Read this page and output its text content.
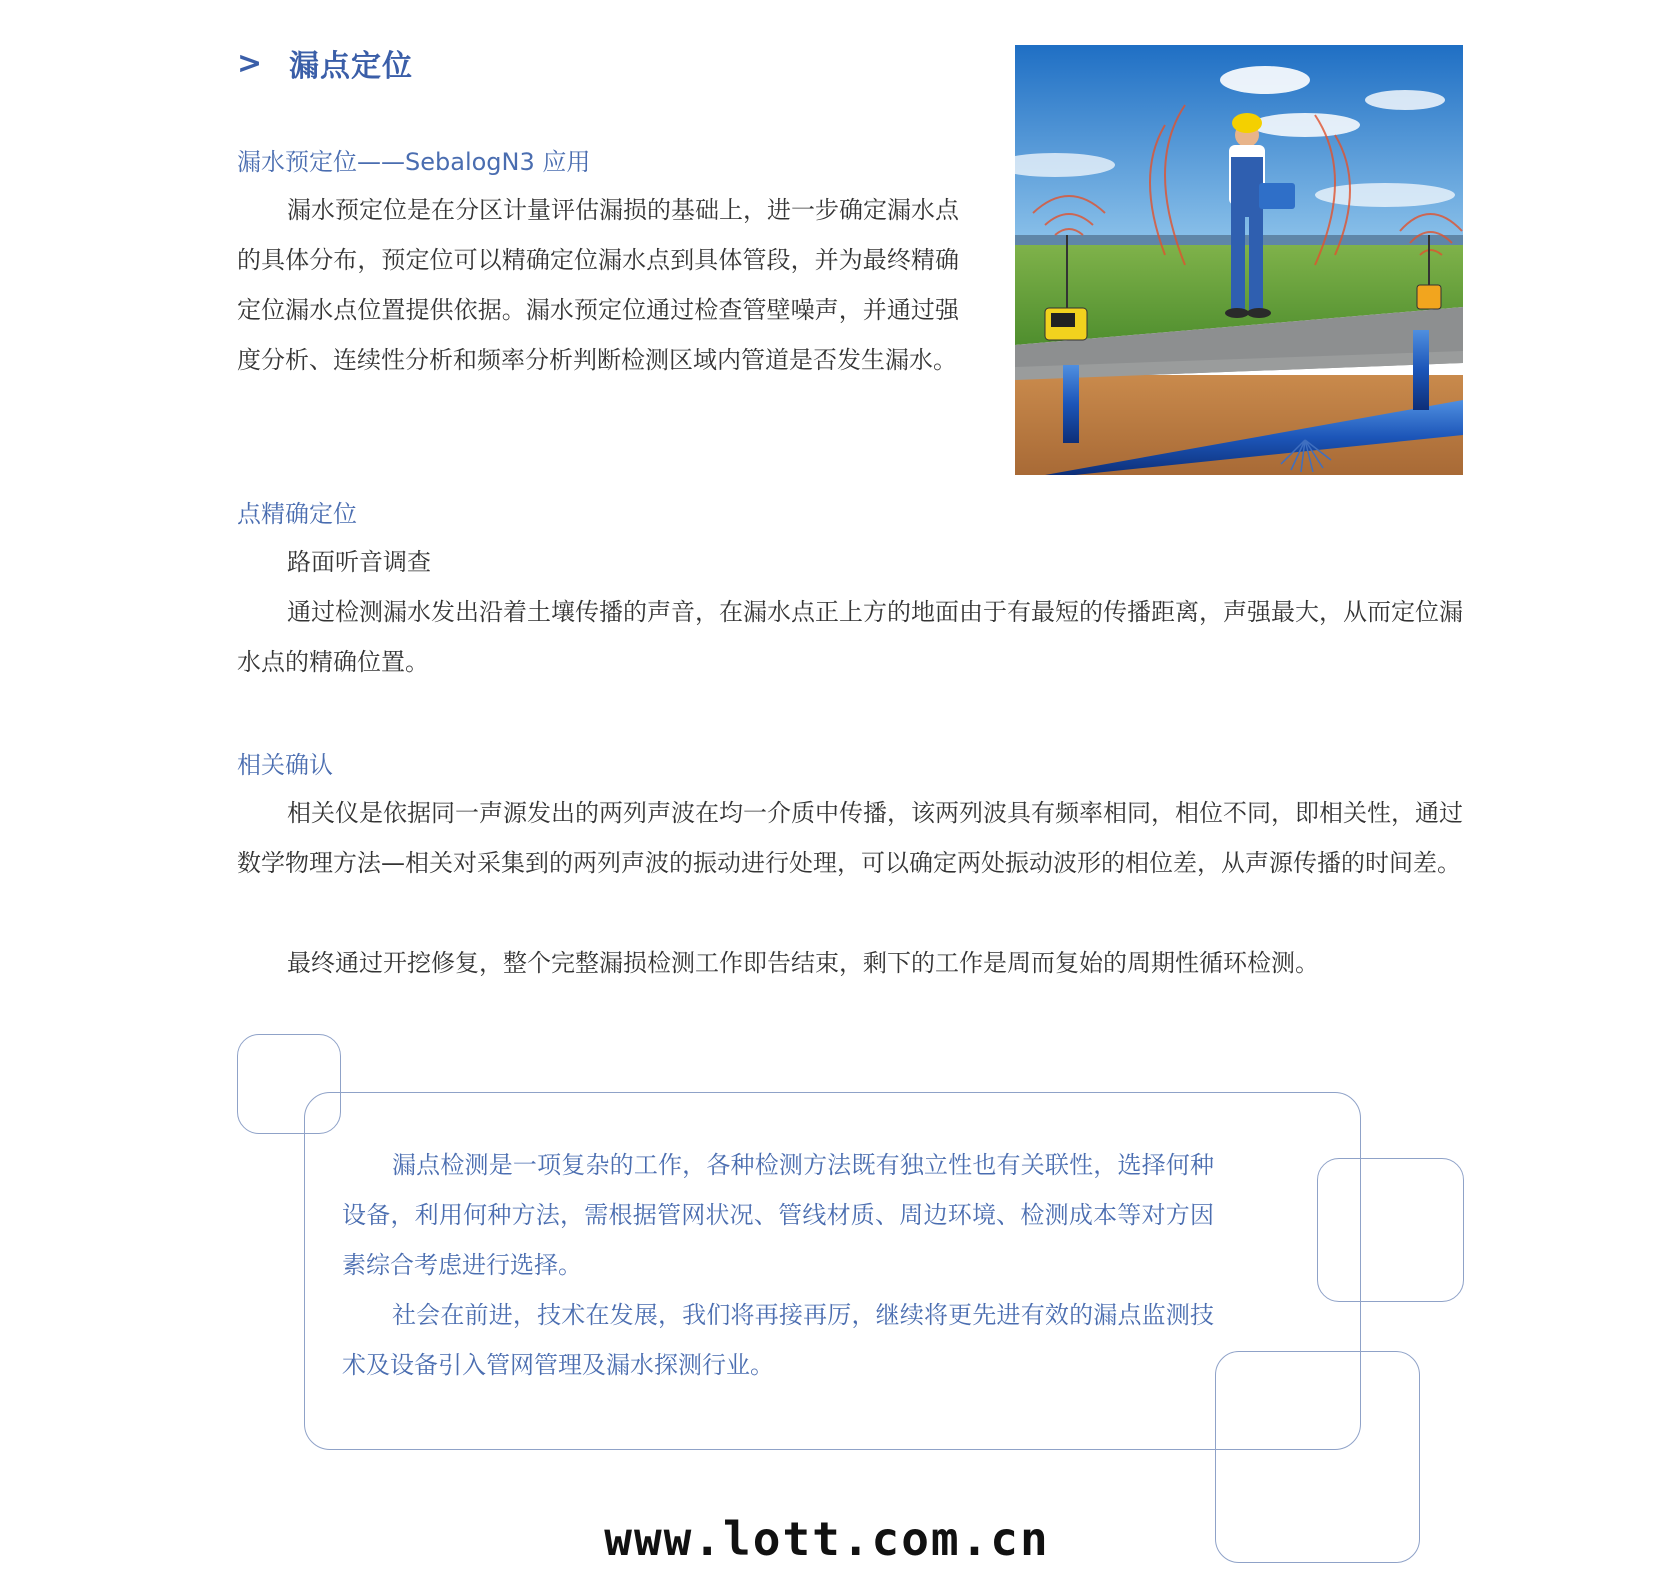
> 漏点定位
漏水预定位——SebalogN3 应用
漏水预定位是在分区计量评估漏损的基础上，进一步确定漏水点的具体分布，预定位可以精确定位漏水点到具体管段，并为最终精确定位漏水点位置提供依据。漏水预定位通过检查管壁噪声，并通过强度分析、连续性分析和频率分析判断检测区域内管道是否发生漏水。
点精确定位
路面听音调查
通过检测漏水发出沿着土壤传播的声音，在漏水点正上方的地面由于有最短的传播距离，声强最大，从而定位漏水点的精确位置。
相关确认
相关仪是依据同一声源发出的两列声波在均一介质中传播，该两列波具有频率相同，相位不同，即相关性，通过数学物理方法—相关对采集到的两列声波的振动进行处理，可以确定两处振动波形的相位差，从声源传播的时间差。
最终通过开挖修复，整个完整漏损检测工作即告结束，剩下的工作是周而复始的周期性循环检测。
漏点检测是一项复杂的工作，各种检测方法既有独立性也有关联性，选择何种设备，利用何种方法，需根据管网状况、管线材质、周边环境、检测成本等对方因素综合考虑进行选择。
社会在前进，技术在发展，我们将再接再厉，继续将更先进有效的漏点监测技术及设备引入管网管理及漏水探测行业。
www.lott.com.cn
